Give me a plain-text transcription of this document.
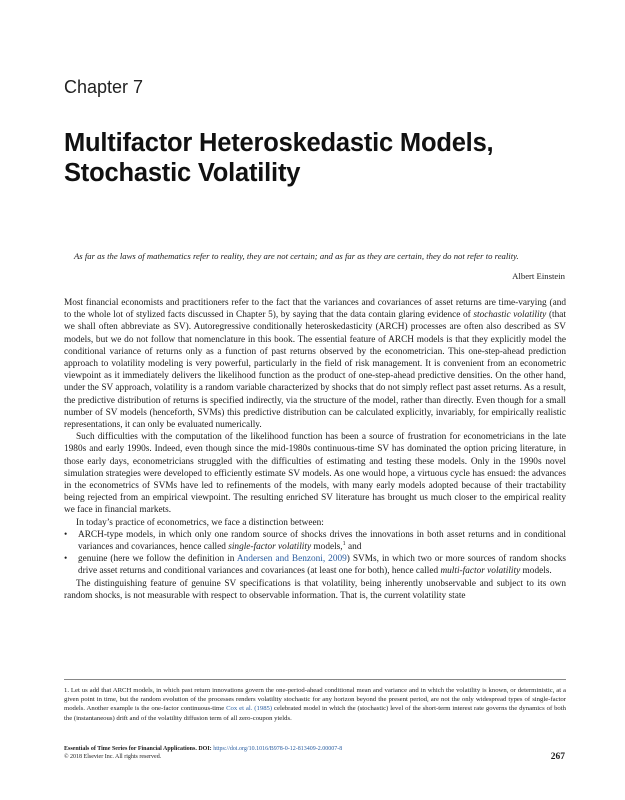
Chapter 7
Multifactor Heteroskedastic Models, Stochastic Volatility
As far as the laws of mathematics refer to reality, they are not certain; and as far as they are certain, they do not refer to reality.
Albert Einstein

Most financial economists and practitioners refer to the fact that the variances and covariances of asset returns are time-varying (and to the whole lot of stylized facts discussed in Chapter 5), by saying that the data contain glaring evidence of stochastic volatility (that we shall often abbreviate as SV). Autoregressive conditionally heteroskedasticity (ARCH) processes are often also described as SV models, but we do not follow that nomenclature in this book. The essential feature of ARCH models is that they explicitly model the conditional variance of returns only as a function of past returns observed by the econometrician. This one-step-ahead prediction approach to volatility modeling is very powerful, particularly in the field of risk management. It is convenient from an econometric viewpoint as it immediately delivers the likelihood function as the product of one-step-ahead predictive densities. On the other hand, under the SV approach, volatility is a random variable characterized by shocks that do not simply reflect past asset returns. As a result, the predictive distribution of returns is specified indirectly, via the structure of the model, rather than directly. Even though for a small number of SV models (henceforth, SVMs) this predictive distribution can be calculated explicitly, invariably, for empirically realistic representations, it can only be evaluated numerically.

Such difficulties with the computation of the likelihood function has been a source of frustration for econometricians in the late 1980s and early 1990s. Indeed, even though since the mid-1980s continuous-time SV has dominated the option pricing literature, in those early days, econometricians struggled with the difficulties of estimating and testing these models. Only in the 1990s novel simulation strategies were developed to efficiently estimate SV models. As one would hope, a virtuous cycle has ensued: the advances in the econometrics of SVMs have led to refinements of the models, with many early models adopted because of their tractability being rejected from an empirical viewpoint. The resulting enriched SV literature has brought us much closer to the empirical reality we face in financial markets.

In today’s practice of econometrics, we face a distinction between:

• ARCH-type models, in which only one random source of shocks drives the innovations in both asset returns and in conditional variances and covariances, hence called single-factor volatility models,$^1$ and
• genuine (here we follow the definition in Andersen and Benzoni, 2009) SVMs, in which two or more sources of random shocks drive asset returns and conditional variances and covariances (at least one for both), hence called multi-factor volatility models.

The distinguishing feature of genuine SV specifications is that volatility, being inherently unobservable and subject to its own random shocks, is not measurable with respect to observable information. That is, the current volatility state

1. Let us add that ARCH models, in which past return innovations govern the one-period-ahead conditional mean and variance and in which the volatility is known, or deterministic, at a given point in time, but the random evolution of the processes renders volatility stochastic for any horizon beyond the present period, are not the only widespread types of single-factor models. Another example is the one-factor continuous-time Cox et al. (1985) celebrated model in which the (stochastic) level of the short-term interest rate governs the dynamics of both the (instantaneous) drift and of the volatility diffusion term of all zero-coupon yields.
Essentials of Time Series for Financial Applications. DOI: https://doi.org/10.1016/B978-0-12-813409-2.00007-8
© 2018 Elsevier Inc. All rights reserved.	267
